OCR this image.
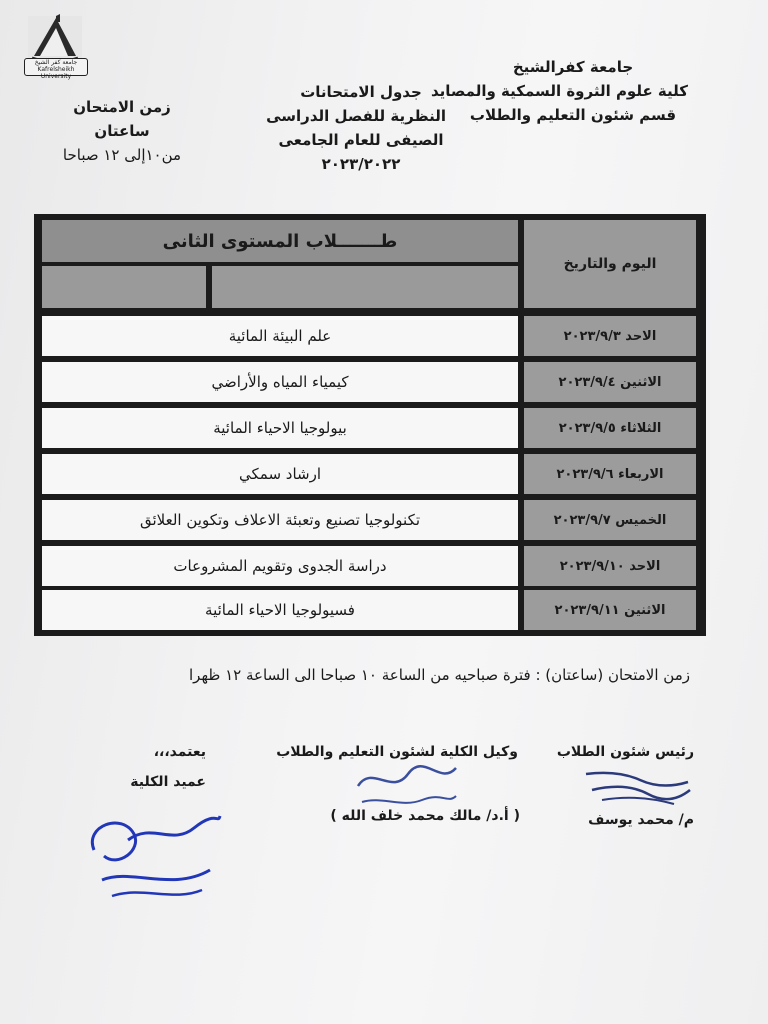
جامعة كفر الشيخ Kafrelsheikh University
جامعة كفرالشيخ
كلية علوم الثروة السمكية والمصايد
قسم شئون التعليم والطلاب
جدول الامتحانات
النظرية للفصل الدراسى
الصيفى للعام الجامعى
٢٠٢٣/٢٠٢٢
زمن الامتحان
ساعتان
من١٠إلى ١٢ صباحا
طـــــــلاب المستوى الثانى
اليوم والتاريخ
علم البيئة المائية	الاحد ٢٠٢٣/٩/٣
كيمياء المياه والأراضي	الاثنين ٢٠٢٣/٩/٤
بيولوجيا الاحياء المائية	الثلاثاء ٢٠٢٣/٩/٥
ارشاد سمكي	الاربعاء ٢٠٢٣/٩/٦
تكنولوجيا تصنيع وتعبئة الاعلاف وتكوين العلائق	الخميس ٢٠٢٣/٩/٧
دراسة الجدوى وتقويم المشروعات	الاحد ٢٠٢٣/٩/١٠
فسيولوجيا الاحياء المائية	الاثنين ٢٠٢٣/٩/١١
زمن الامتحان (ساعتان) : فترة صباحيه من الساعة ١٠ صباحا الى الساعة ١٢ ظهرا
رئيس شئون الطلاب
وكيل الكلية لشئون التعليم والطلاب
يعتمد،،،
عميد الكلية
م/ محمد يوسف
( أ.د/ مالك محمد خلف الله )
